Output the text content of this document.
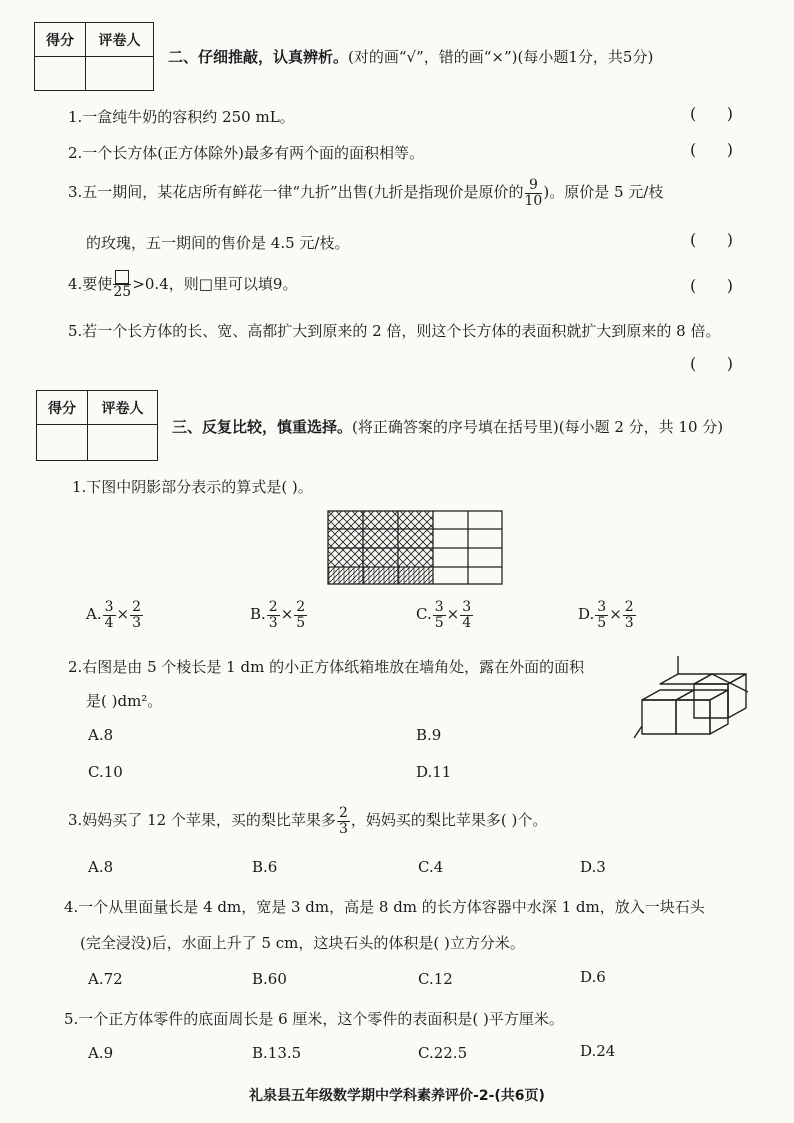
得分	评卷人

二、仔细推敲，认真辨析。(对的画“√”，错的画“×”)(每小题1分，共5分)
1.一盒纯牛奶的容积约 250 mL。	(      )
2.一个长方体(正方体除外)最多有两个面的面积相等。	(      )
3.五一期间，某花店所有鲜花一律“九折”出售(九折是指现价是原价的 $\frac{9}{10}$ )。原价是 5 元/枝
的玫瑰，五一期间的售价是 4.5 元/枝。	(      )
4.要使 25 >0.4，则□里可以填9。	(      )
5.若一个长方体的长、宽、高都扩大到原来的 2 倍，则这个长方体的表面积就扩大到原来的 8 倍。
(      )
得分	评卷人

三、反复比较，慎重选择。(将正确答案的序号填在括号里)(每小题 2 分，共 10 分)
1.下图中阴影部分表示的算式是( )。
A. $\frac{3}{4} \times \frac{2}{3}$	B. $\frac{2}{3} \times \frac{2}{5}$	C. $\frac{3}{5} \times \frac{3}{4}$	D. $\frac{3}{5} \times \frac{2}{3}$
2.右图是由 5 个棱长是 1 dm 的小正方体纸箱堆放在墙角处，露在外面的面积
是( )dm²。
A.8	B.9
C.10	D.11
3.妈妈买了 12 个苹果，买的梨比苹果多 $\frac{2}{3}$ ，妈妈买的梨比苹果多( )个。
A.8	B.6	C.4	D.3
4.一个从里面量长是 4 dm，宽是 3 dm，高是 8 dm 的长方体容器中水深 1 dm，放入一块石头
(完全浸没)后，水面上升了 5 cm，这块石头的体积是( )立方分米。
A.72	B.60	C.12	D.6
5.一个正方体零件的底面周长是 6 厘米，这个零件的表面积是( )平方厘米。
A.9	B.13.5	C.22.5	D.24
礼泉县五年级数学期中学科素养评价-2-(共6页)
